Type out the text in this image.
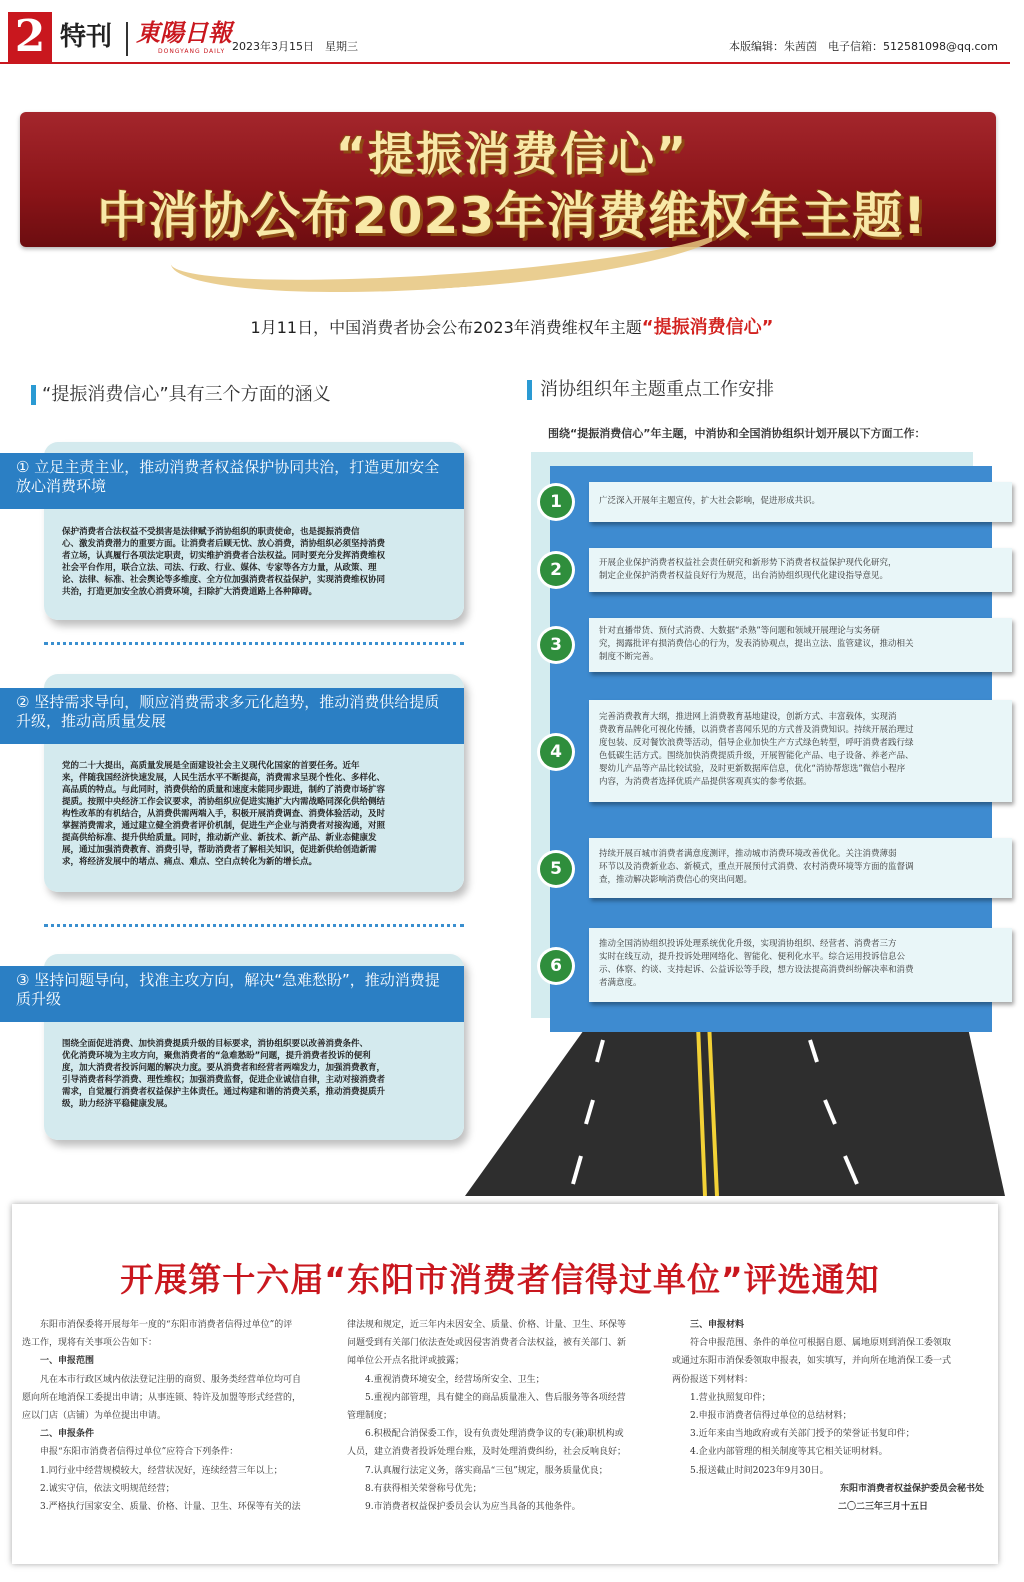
2 特刊 東陽日報
DONGYANG DAILY 2023年3月15日　星期三	本版编辑：朱茜茵　电子信箱：512581098@qq.com
“提振消费信心”
中消协公布2023年消费维权年主题!
1月11日，中国消费者协会公布2023年消费维权年主题“提振消费信心”
“提振消费信心”具有三个方面的涵义

保护消费者合法权益不受损害是法律赋予消协组织的职责使命，也是提振消费信

心、激发消费潜力的重要方面。让消费者后顾无忧、放心消费，消协组织必须坚持消费

者立场，认真履行各项法定职责，切实维护消费者合法权益。同时要充分发挥消费维权

社会平台作用，联合立法、司法、行政、行业、媒体、专家等各方力量，从政策、理

论、法律、标准、社会舆论等多维度、全方位加强消费者权益保护，实现消费维权协同

共治，打造更加安全放心消费环境，扫除扩大消费道路上各种障碍。

① 立足主责主业，推动消费者权益保护协同共治，打造更加安全放心消费环境

党的二十大提出，高质量发展是全面建设社会主义现代化国家的首要任务。近年

来，伴随我国经济快速发展，人民生活水平不断提高，消费需求呈现个性化、多样化、

高品质的特点。与此同时，消费供给的质量和速度未能同步跟进，制约了消费市场扩容

提质。按照中央经济工作会议要求，消协组织应促进实施扩大内需战略同深化供给侧结

构性改革的有机结合，从消费供需两端入手，积极开展消费调查、消费体验活动，及时

掌握消费需求，通过建立健全消费者评价机制，促进生产企业与消费者对接沟通，对照

提高供给标准、提升供给质量。同时，推动新产业、新技术、新产品、新业态健康发

展，通过加强消费教育、消费引导，帮助消费者了解相关知识，促进新供给创造新需

求，将经济发展中的堵点、痛点、难点、空白点转化为新的增长点。

② 坚持需求导向，顺应消费需求多元化趋势，推动消费供给提质升级，推动高质量发展

围绕全面促进消费、加快消费提质升级的目标要求，消协组织要以改善消费条件、

优化消费环境为主攻方向，聚焦消费者的“急难愁盼”问题，提升消费者投诉的便利

度，加大消费者投诉问题的解决力度。要从消费者和经营者两端发力，加强消费教育，

引导消费者科学消费、理性维权；加强消费监督，促进企业诚信自律，主动对接消费者

需求，自觉履行消费者权益保护主体责任。通过构建和谐的消费关系，推动消费提质升

级，助力经济平稳健康发展。

③ 坚持问题导向，找准主攻方向，解决“急难愁盼”，推动消费提质升级
消协组织年主题重点工作安排
围绕“提振消费信心”年主题，中消协和全国消协组织计划开展以下方面工作：

广泛深入开展年主题宣传，扩大社会影响，促进形成共识。

1

开展企业保护消费者权益社会责任研究和新形势下消费者权益保护现代化研究，

制定企业保护消费者权益良好行为规范，出台消协组织现代化建设指导意见。

2

针对直播带货、预付式消费、大数据“杀熟”等问题和领域开展理论与实务研

究，揭露批评有损消费信心的行为，发表消协观点，提出立法、监管建议，推动相关

制度不断完善。

3

完善消费教育大纲，推进网上消费教育基地建设，创新方式、丰富载体，实现消

费教育品牌化可视化传播，以消费者喜闻乐见的方式普及消费知识。持续开展治理过

度包装、反对餐饮浪费等活动，倡导企业加快生产方式绿色转型，呼吁消费者践行绿

色低碳生活方式。围绕加快消费提质升级，开展智能化产品、电子设备、养老产品、

婴幼儿产品等产品比较试验，及时更新数据库信息，优化“消协帮您选”微信小程序

内容，为消费者选择优质产品提供客观真实的参考依据。

4

持续开展百城市消费者满意度测评，推动城市消费环境改善优化。关注消费薄弱

环节以及消费新业态、新模式，重点开展预付式消费、农村消费环境等方面的监督调

查，推动解决影响消费信心的突出问题。

5

推动全国消协组织投诉处理系统优化升级，实现消协组织、经营者、消费者三方

实时在线互动，提升投诉处理网络化、智能化、便利化水平。综合运用投诉信息公

示、体察、约谈、支持起诉、公益诉讼等手段，想方设法提高消费纠纷解决率和消费

者满意度。

6
开展第十六届“东阳市消费者信得过单位”评选通知

　　东阳市消保委将开展每年一度的“东阳市消费者信得过单位”的评

选工作，现将有关事项公告如下：

　　一、申报范围

　　凡在本市行政区域内依法登记注册的商贸、服务类经营单位均可自

愿向所在地消保工委提出申请；从事连锁、特许及加盟等形式经营的，

应以门店（店铺）为单位提出申请。

　　二、申报条件

　　申报“东阳市消费者信得过单位”应符合下列条件：

　　1.同行业中经营规模较大，经营状况好，连续经营三年以上；

　　2.诚实守信，依法文明规范经营；

　　3.严格执行国家安全、质量、价格、计量、卫生、环保等有关的法

律法规和规定，近三年内未因安全、质量、价格、计量、卫生、环保等

问题受到有关部门依法查处或因侵害消费者合法权益，被有关部门、新

闻单位公开点名批评或披露；

　　4.重视消费环境安全，经营场所安全、卫生；

　　5.重视内部管理，具有健全的商品质量准入、售后服务等各项经营

管理制度；

　　6.积极配合消保委工作，设有负责处理消费争议的专(兼)职机构或

人员，建立消费者投诉处理台账，及时处理消费纠纷，社会反响良好；

　　7.认真履行法定义务，落实商品“三包”规定，服务质量优良；

　　8.有获得相关荣誉称号优先；

　　9.市消费者权益保护委员会认为应当具备的其他条件。

　　三、申报材料

　　符合申报范围、条件的单位可根据自愿、属地原则到消保工委领取

或通过东阳市消保委领取申报表，如实填写，并向所在地消保工委一式

两份报送下列材料：

　　1.营业执照复印件；

　　2.申报市消费者信得过单位的总结材料；

　　3.近年来由当地政府或有关部门授予的荣誉证书复印件；

　　4.企业内部管理的相关制度等其它相关证明材料。

　　5.报送截止时间2023年9月30日。

东阳市消费者权益保护委员会秘书处

二〇二三年三月十五日
